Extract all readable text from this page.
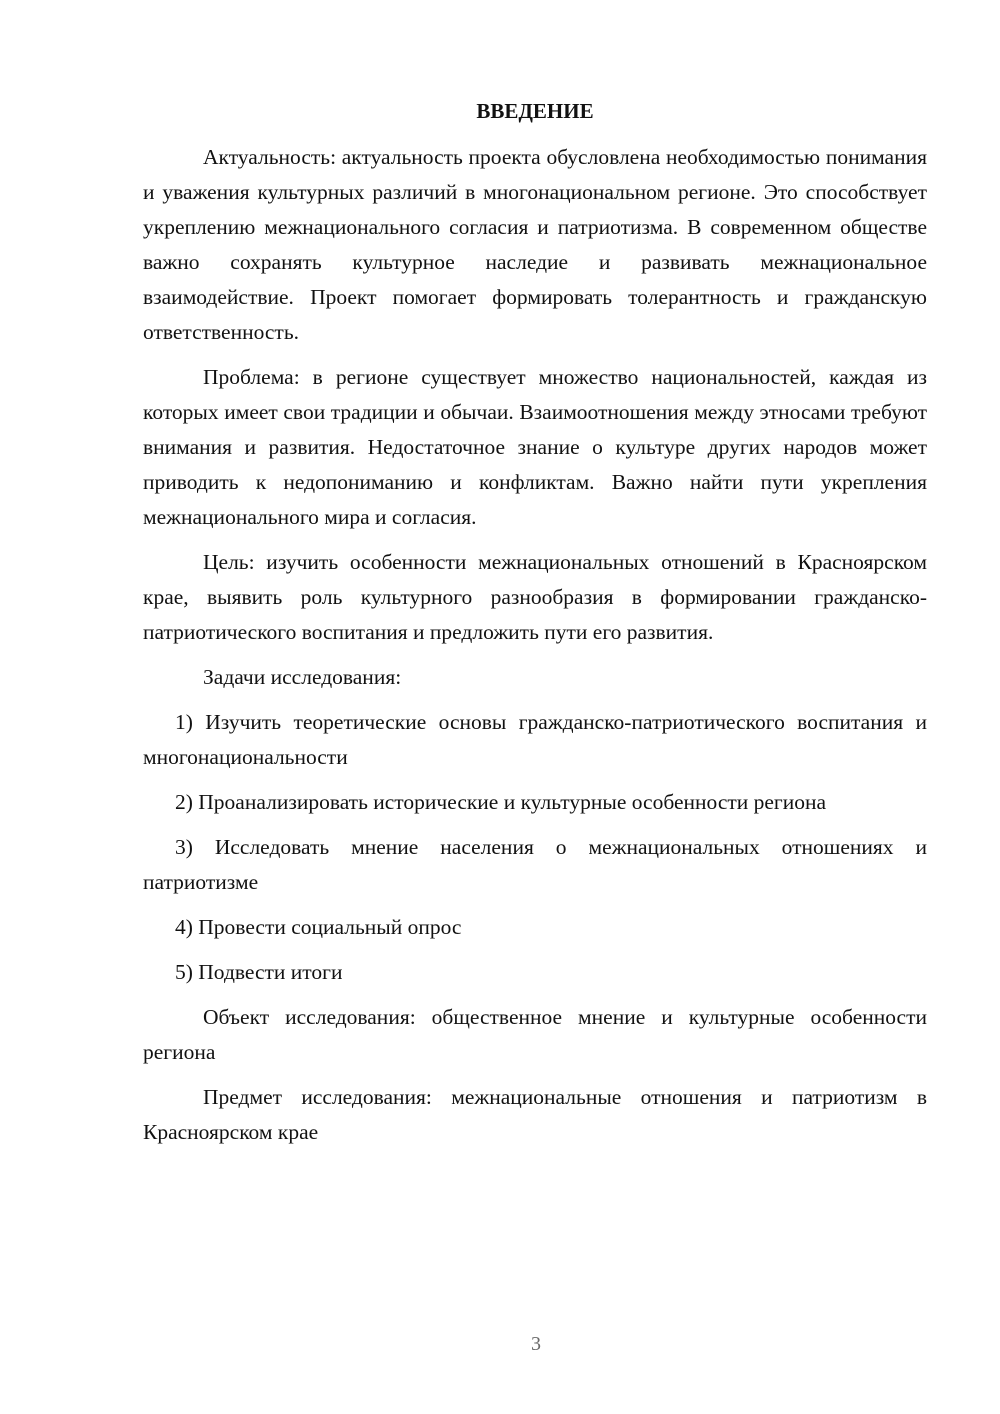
ВВЕДЕНИЕ

Актуальность: актуальность проекта обусловлена необходимостью понимания и уважения культурных различий в многонациональном регионе. Это способствует укреплению межнационального согласия и патриотизма. В современном обществе важно сохранять культурное наследие и развивать межнациональное взаимодействие. Проект помогает формировать толерантность и гражданскую ответственность.

Проблема: в регионе существует множество национальностей, каждая из которых имеет свои традиции и обычаи. Взаимоотношения между этносами требуют внимания и развития. Недостаточное знание о культуре других народов может приводить к недопониманию и конфликтам. Важно найти пути укрепления межнационального мира и согласия.

Цель: изучить особенности межнациональных отношений в Красноярском крае, выявить роль культурного разнообразия в формировании гражданско-патриотического воспитания и предложить пути его развития.

Задачи исследования:

1) Изучить теоретические основы гражданско-патриотического воспитания и многонациональности

2) Проанализировать исторические и культурные особенности региона

3) Исследовать мнение населения о межнациональных отношениях и патриотизме

4) Провести социальный опрос

5) Подвести итоги

Объект исследования: общественное мнение и культурные особенности региона

Предмет исследования: межнациональные отношения и патриотизм в Красноярском крае

3
